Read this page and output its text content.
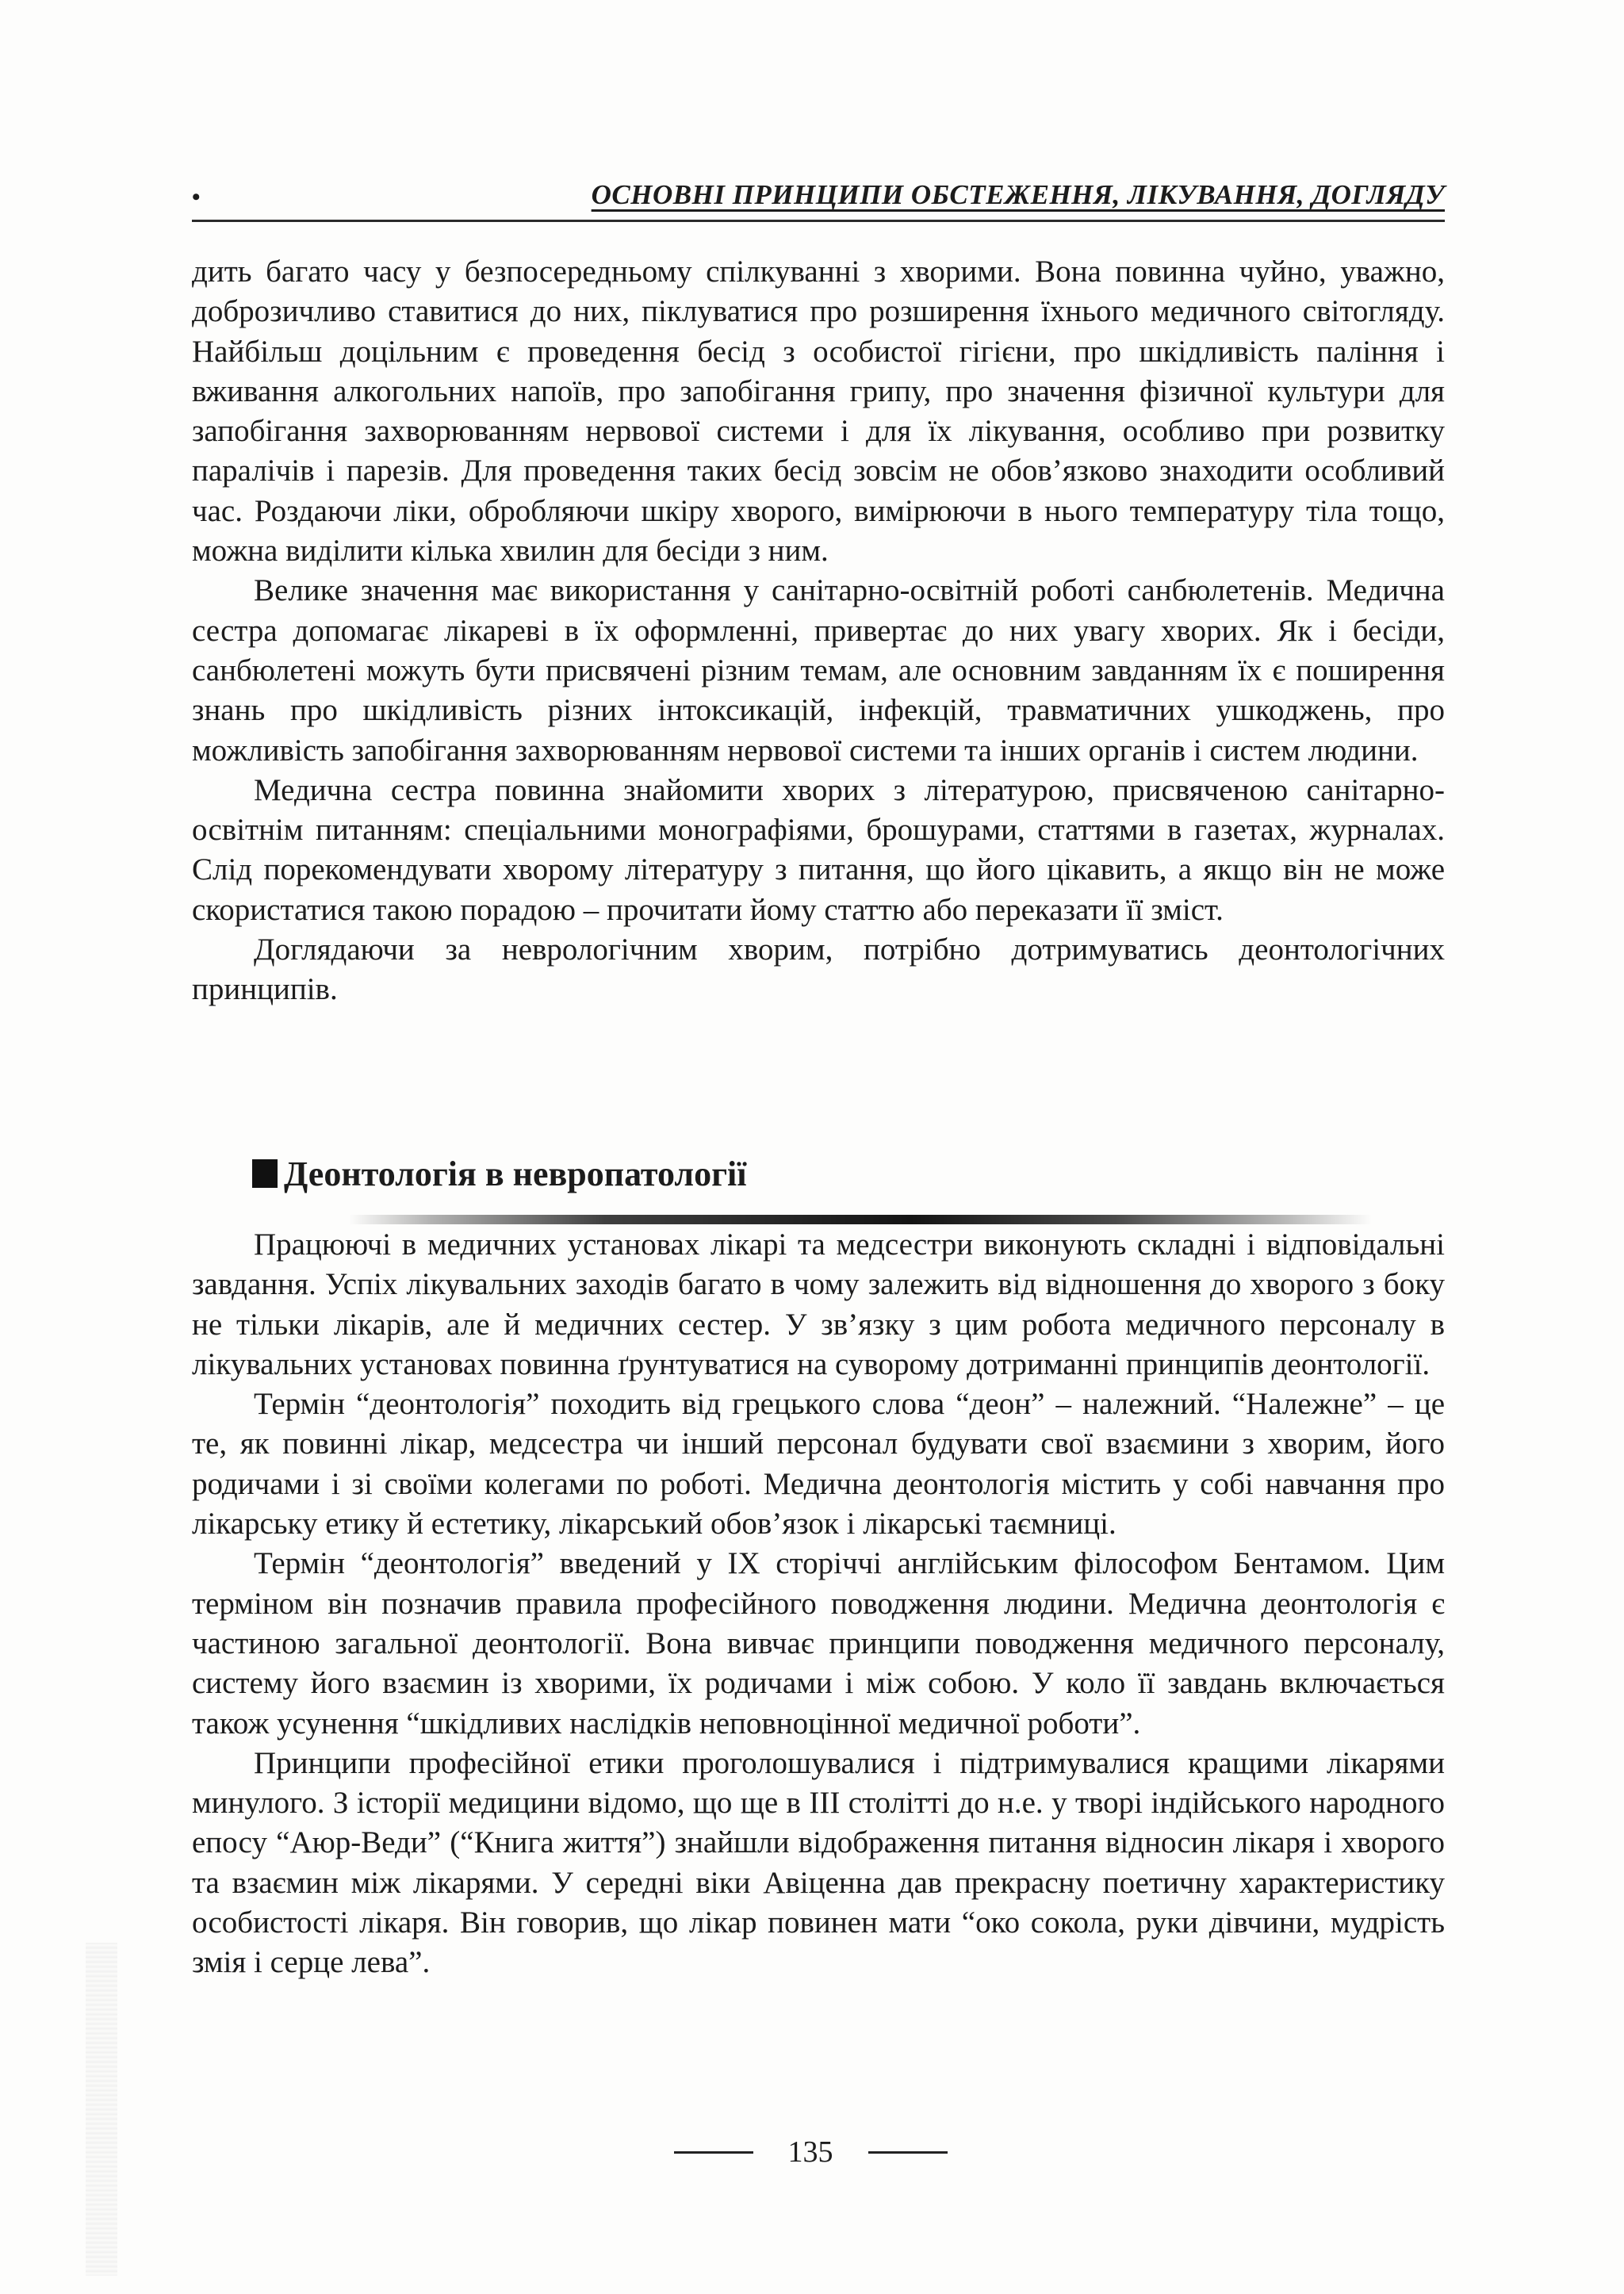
•	ОСНОВНІ ПРИНЦИПИ ОБСТЕЖЕННЯ, ЛІКУВАННЯ, ДОГЛЯДУ

дить багато часу у безпосередньому спілкуванні з хворими. Вона повинна чуйно, уважно, доброзичливо ставитися до них, піклуватися про розширення їхнього медичного світогляду. Найбільш доцільним є проведення бесід з особистої гігієни, про шкідливість паління і вживання алкогольних напоїв, про запобігання грипу, про значення фізичної культури для запобігання захворюванням нервової системи і для їх лікування, особливо при розвитку паралічів і парезів. Для проведення таких бесід зовсім не обов’язково знаходити особливий час. Роздаючи ліки, обробляючи шкіру хворого, вимірюючи в нього температуру тіла тощо, можна виділити кілька хвилин для бесіди з ним.

Велике значення має використання у санітарно-освітній роботі санбюлетенів. Медична сестра допомагає лікареві в їх оформленні, привертає до них увагу хворих. Як і бесіди, санбюлетені можуть бути присвячені різним темам, але основним завданням їх є поширення знань про шкідливість різних інтоксикацій, інфекцій, травматичних ушкоджень, про можливість запобігання захворюванням нервової системи та інших органів і систем людини.

Медична сестра повинна знайомити хворих з літературою, присвяченою санітарно-освітнім питанням: спеціальними монографіями, брошурами, статтями в газетах, журналах. Слід порекомендувати хворому літературу з питання, що його цікавить, а якщо він не може скористатися такою порадою – прочитати йому статтю або переказати її зміст.

Доглядаючи за неврологічним хворим, потрібно дотримуватись деонтологічних принципів.

Деонтологія в невропатології

Працюючі в медичних установах лікарі та медсестри виконують складні і відповідальні завдання. Успіх лікувальних заходів багато в чому залежить від відношення до хворого з боку не тільки лікарів, але й медичних сестер. У зв’язку з цим робота медичного персоналу в лікувальних установах повинна ґрунтуватися на суворому дотриманні принципів деонтології.

Термін “деонтологія” походить від грецького слова “деон” – належний. “Належне” – це те, як повинні лікар, медсестра чи інший персонал будувати свої взаємини з хворим, його родичами і зі своїми колегами по роботі. Медична деонтологія містить у собі навчання про лікарську етику й естетику, лікарський обов’язок і лікарські таємниці.

Термін “деонтологія” введений у IX сторіччі англійським філософом Бентамом. Цим терміном він позначив правила професійного поводження людини. Медична деонтологія є частиною загальної деонтології. Вона вивчає принципи поводження медичного персоналу, систему його взаємин із хворими, їх родичами і між собою. У коло її завдань включається також усунення “шкідливих наслідків неповноцінної медичної роботи”.

Принципи професійної етики проголошувалися і підтримувалися кращими лікарями минулого. З історії медицини відомо, що ще в III столітті до н.е. у творі індійського народного епосу “Аюр-Веди” (“Книга життя”) знайшли відображення питання відносин лікаря і хворого та взаємин між лікарями. У середні віки Авіценна дав прекрасну поетичну характеристику особистості лікаря. Він говорив, що лікар повинен мати “око сокола, руки дівчини, мудрість змія і серце лева”.

135
